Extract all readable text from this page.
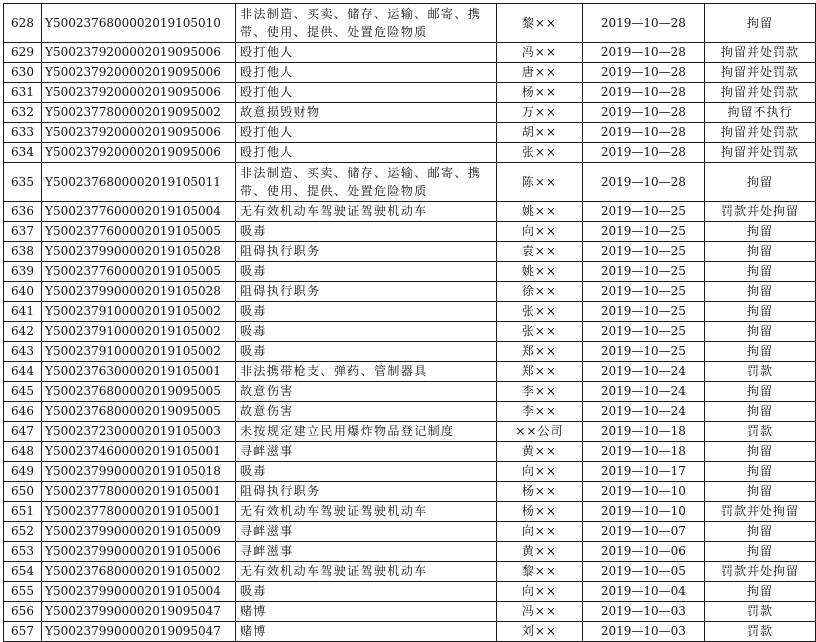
628	Y5002376800002019105010	非法制造、买卖、储存、运输、邮寄、携带、使用、提供、处置危险物质	黎××	2019—10—28	拘留
629	Y5002379200002019095006	殴打他人	冯××	2019—10—28	拘留并处罚款
630	Y5002379200002019095006	殴打他人	唐××	2019—10—28	拘留并处罚款
631	Y5002379200002019095006	殴打他人	杨××	2019—10—28	拘留并处罚款
632	Y5002377800002019095002	故意损毁财物	万××	2019—10—28	拘留不执行
633	Y5002379200002019095006	殴打他人	胡××	2019—10—28	拘留并处罚款
634	Y5002379200002019095006	殴打他人	张××	2019—10—28	拘留并处罚款
635	Y5002376800002019105011	非法制造、买卖、储存、运输、邮寄、携带、使用、提供、处置危险物质	陈××	2019—10—28	拘留
636	Y5002377600002019105004	无有效机动车驾驶证驾驶机动车	姚××	2019—10—25	罚款并处拘留
637	Y5002377600002019105005	吸毒	向××	2019—10—25	拘留
638	Y5002379900002019105028	阻碍执行职务	袁××	2019—10—25	拘留
639	Y5002377600002019105005	吸毒	姚××	2019—10—25	拘留
640	Y5002379900002019105028	阻碍执行职务	徐××	2019—10—25	拘留
641	Y5002379100002019105002	吸毒	张××	2019—10—25	拘留
642	Y5002379100002019105002	吸毒	张××	2019—10—25	拘留
643	Y5002379100002019105002	吸毒	郑××	2019—10—25	拘留
644	Y5002376300002019105001	非法携带枪支、弹药、管制器具	郑××	2019—10—24	罚款
645	Y5002376800002019095005	故意伤害	李××	2019—10—24	拘留
646	Y5002376800002019095005	故意伤害	李××	2019—10—24	拘留
647	Y5002372300002019105003	未按规定建立民用爆炸物品登记制度	××公司	2019—10—18	罚款
648	Y5002374600002019105001	寻衅滋事	黄××	2019—10—18	拘留
649	Y5002379900002019105018	吸毒	向××	2019—10—17	拘留
650	Y5002377800002019105001	阻碍执行职务	杨××	2019—10—10	拘留
651	Y5002377800002019105001	无有效机动车驾驶证驾驶机动车	杨××	2019—10—10	罚款并处拘留
652	Y5002379900002019105009	寻衅滋事	向××	2019—10—07	拘留
653	Y5002379900002019105006	寻衅滋事	黄××	2019—10—06	拘留
654	Y5002376800002019105002	无有效机动车驾驶证驾驶机动车	黎××	2019—10—05	罚款并处拘留
655	Y5002379900002019105004	吸毒	向××	2019—10—04	拘留
656	Y5002379900002019095047	赌博	冯××	2019—10—03	罚款
657	Y5002379900002019095047	赌博	刘××	2019—10—03	罚款
